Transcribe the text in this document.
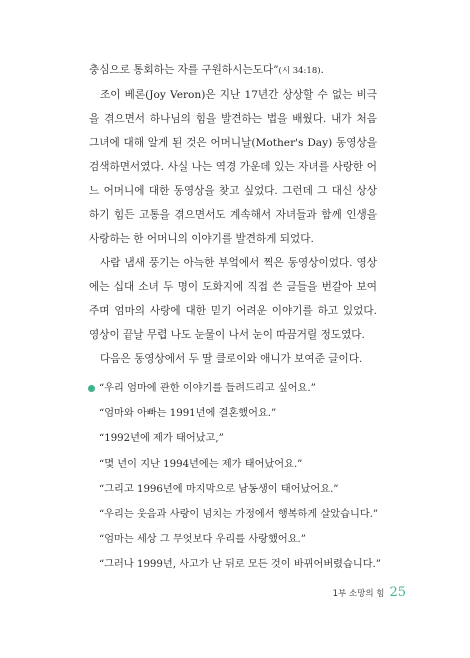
충심으로 통회하는 자를 구원하시는도다”(시 34:18).

조이 베론(Joy Veron)은 지난 17년간 상상할 수 없는 비극을 겪으면서 하나님의 힘을 발견하는 법을 배웠다. 내가 처음 그녀에 대해 알게 된 것은 어머니날(Mother's Day) 동영상을 검색하면서였다. 사실 나는 역경 가운데 있는 자녀를 사랑한 어느 어머니에 대한 동영상을 찾고 싶었다. 그런데 그 대신 상상하기 힘든 고통을 겪으면서도 계속해서 자녀들과 함께 인생을 사랑하는 한 어머니의 이야기를 발견하게 되었다.

사람 냄새 풍기는 아늑한 부엌에서 찍은 동영상이었다. 영상에는 십대 소녀 두 명이 도화지에 직접 쓴 글들을 번갈아 보여주며 엄마의 사랑에 대한 믿기 어려운 이야기를 하고 있었다. 영상이 끝날 무렵 나도 눈물이 나서 눈이 따끔거릴 정도였다.

다음은 동영상에서 두 딸 클로이와 애니가 보여준 글이다.

“우리 엄마에 관한 이야기를 들려드리고 싶어요.”
“엄마와 아빠는 1991년에 결혼했어요.”
“1992년에 제가 태어났고,”
“몇 년이 지난 1994년에는 제가 태어났어요.”
“그리고 1996년에 마지막으로 남동생이 태어났어요.”
“우리는 웃음과 사랑이 넘치는 가정에서 행복하게 살았습니다.”
“엄마는 세상 그 무엇보다 우리를 사랑했어요.”
“그러나 1999년, 사고가 난 뒤로 모든 것이 바뀌어버렸습니다.”
1부 소망의 힘 25
